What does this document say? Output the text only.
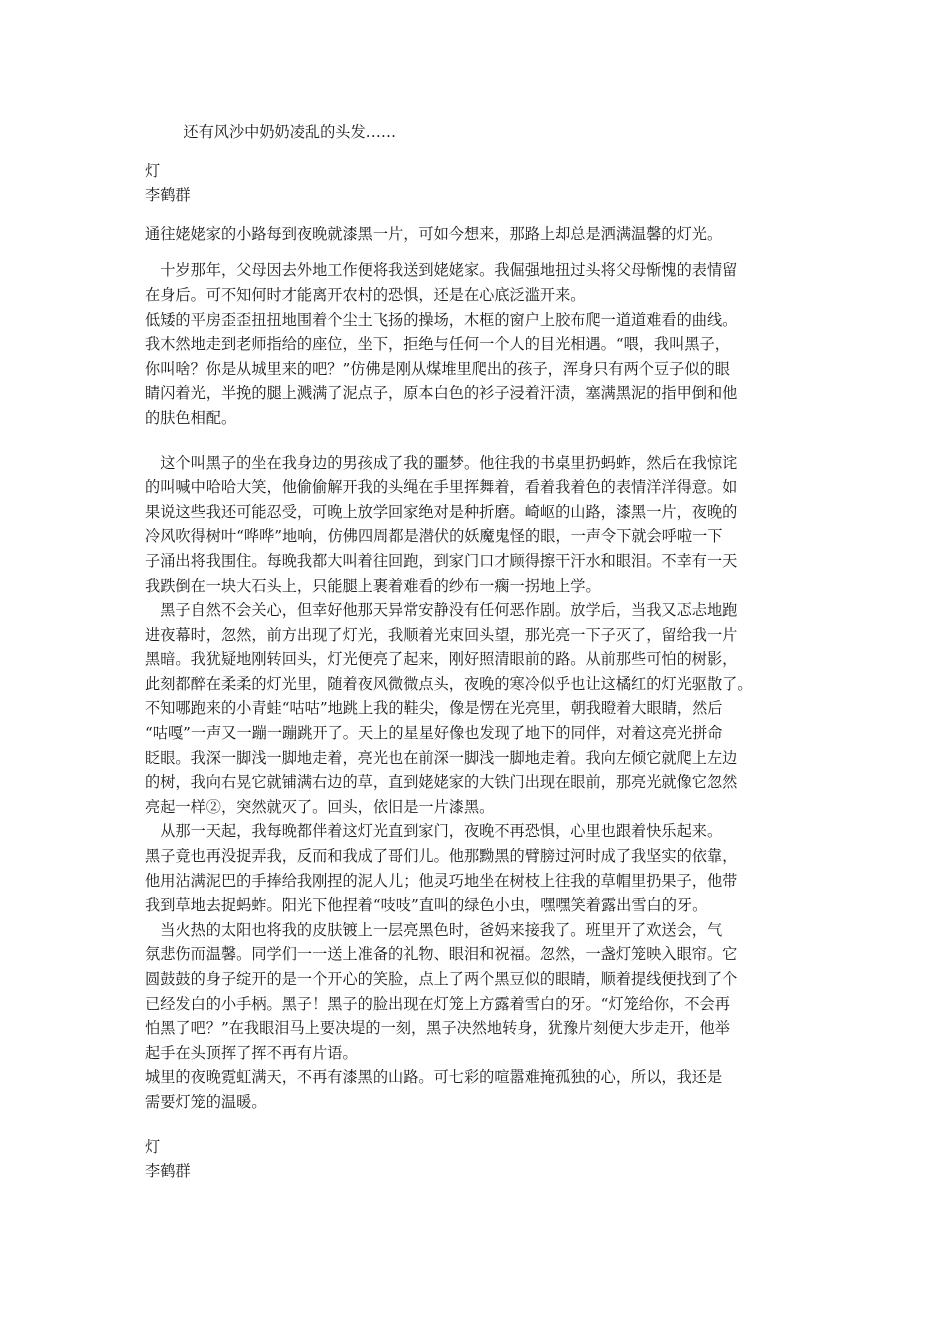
　　还有风沙中奶奶凌乱的头发……

灯

李鹤群

通往姥姥家的小路每到夜晚就漆黑一片，可如今想来，那路上却总是洒满温馨的灯光。

　十岁那年，父母因去外地工作便将我送到姥姥家。我倔强地扭过头将父母惭愧的表情留

在身后。可不知何时才能离开农村的恐惧，还是在心底泛滥开来。

低矮的平房歪歪扭扭地围着个尘土飞扬的操场，木框的窗户上胶布爬一道道难看的曲线。

我木然地走到老师指给的座位，坐下，拒绝与任何一个人的目光相遇。“喂，我叫黑子，

你叫啥？你是从城里来的吧？”仿佛是刚从煤堆里爬出的孩子，浑身只有两个豆子似的眼

睛闪着光，半挽的腿上溅满了泥点子，原本白色的衫子浸着汗渍，塞满黑泥的指甲倒和他

的肤色相配。

　这个叫黑子的坐在我身边的男孩成了我的噩梦。他往我的书桌里扔蚂蚱，然后在我惊诧

的叫喊中哈哈大笑，他偷偷解开我的头绳在手里挥舞着，看着我着色的表情洋洋得意。如

果说这些我还可能忍受，可晚上放学回家绝对是种折磨。崎岖的山路，漆黑一片，夜晚的

冷风吹得树叶“哗哗”地响，仿佛四周都是潜伏的妖魔鬼怪的眼，一声令下就会呼啦一下

子涌出将我围住。每晚我都大叫着往回跑，到家门口才顾得擦干汗水和眼泪。不幸有一天

我跌倒在一块大石头上，只能腿上裹着难看的纱布一瘸一拐地上学。

　黑子自然不会关心，但幸好他那天异常安静没有任何恶作剧。放学后，当我又忑忐地跑

进夜幕时，忽然，前方出现了灯光，我顺着光束回头望，那光亮一下子灭了，留给我一片

黑暗。我犹疑地刚转回头，灯光便亮了起来，刚好照清眼前的路。从前那些可怕的树影，

此刻都醉在柔柔的灯光里，随着夜风微微点头，夜晚的寒冷似乎也让这橘红的灯光驱散了。

不知哪跑来的小青蛙“咕咕”地跳上我的鞋尖，像是愣在光亮里，朝我瞪着大眼睛，然后

“咕嘎”一声又一蹦一蹦跳开了。天上的星星好像也发现了地下的同伴，对着这亮光拼命

眨眼。我深一脚浅一脚地走着，亮光也在前深一脚浅一脚地走着。我向左倾它就爬上左边

的树，我向右晃它就铺满右边的草，直到姥姥家的大铁门出现在眼前，那亮光就像它忽然

亮起一样②，突然就灭了。回头，依旧是一片漆黑。

　从那一天起，我每晚都伴着这灯光直到家门，夜晚不再恐惧，心里也跟着快乐起来。

黑子竟也再没捉弄我，反而和我成了哥们儿。他那黝黑的臂膀过河时成了我坚实的依靠，

他用沾满泥巴的手捧给我刚捏的泥人儿；他灵巧地坐在树枝上往我的草帽里扔果子，他带

我到草地去捉蚂蚱。阳光下他捏着“吱吱”直叫的绿色小虫，嘿嘿笑着露出雪白的牙。

　当火热的太阳也将我的皮肤镀上一层亮黑色时，爸妈来接我了。班里开了欢送会，气

氛悲伤而温馨。同学们一一送上准备的礼物、眼泪和祝福。忽然，一盏灯笼映入眼帘。它

圆鼓鼓的身子绽开的是一个开心的笑脸，点上了两个黑豆似的眼睛，顺着提线便找到了个

已经发白的小手柄。黑子！黑子的脸出现在灯笼上方露着雪白的牙。“灯笼给你，不会再

怕黑了吧？”在我眼泪马上要决堤的一刻，黑子决然地转身，犹豫片刻便大步走开，他举

起手在头顶挥了挥不再有片语。

城里的夜晚霓虹满天，不再有漆黑的山路。可七彩的喧嚣难掩孤独的心，所以，我还是

需要灯笼的温暖。

灯

李鹤群
